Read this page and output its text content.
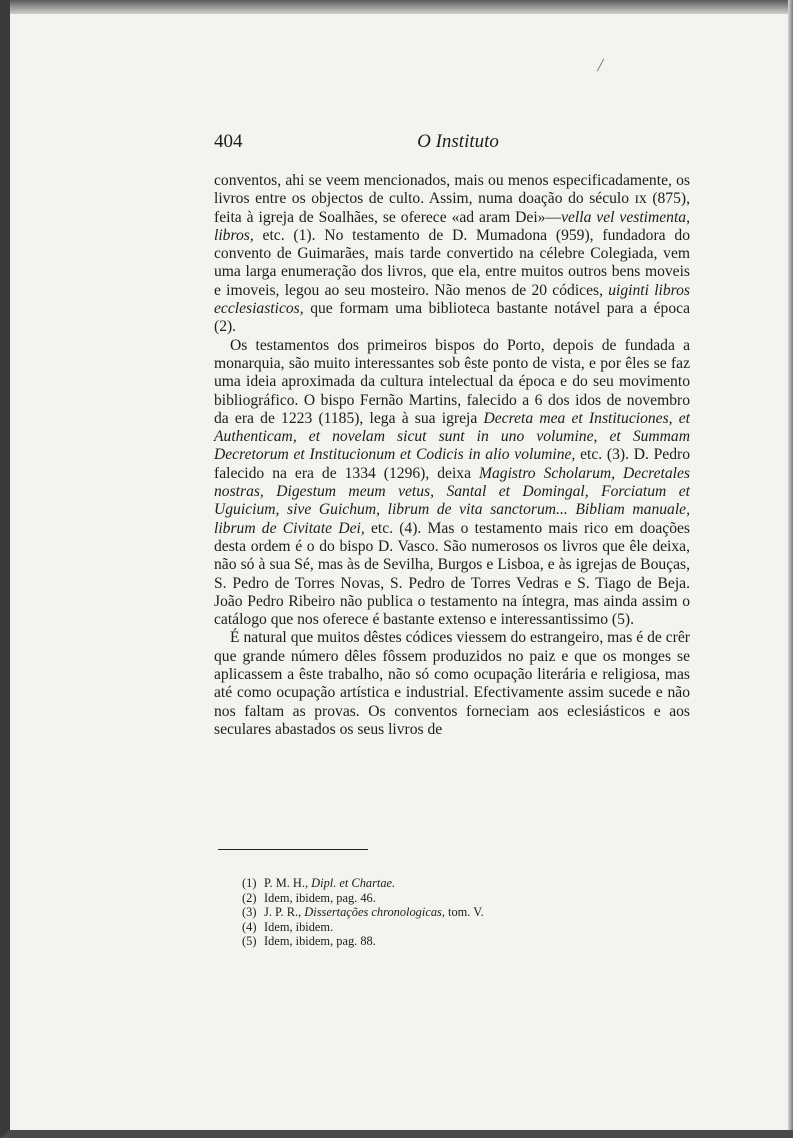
404	O Instituto

conventos, ahi se veem mencionados, mais ou menos especificadamente, os livros entre os objectos de culto. Assim, numa doação do século ɪx (875), feita à igreja de Soalhães, se oferece «ad aram Dei»—vella vel vestimenta, libros, etc. (1). No testamento de D. Mumadona (959), fundadora do convento de Guimarães, mais tarde convertido na célebre Colegiada, vem uma larga enumeração dos livros, que ela, entre muitos outros bens moveis e imoveis, legou ao seu mosteiro. Não menos de 20 códices, uiginti libros ecclesiasticos, que formam uma biblioteca bastante notável para a época (2).

Os testamentos dos primeiros bispos do Porto, depois de fundada a monarquia, são muito interessantes sob êste ponto de vista, e por êles se faz uma ideia aproximada da cultura intelectual da época e do seu movimento bibliográfico. O bispo Fernão Martins, falecido a 6 dos idos de novembro da era de 1223 (1185), lega à sua igreja Decreta mea et Instituciones, et Authenticam, et novelam sicut sunt in uno volumine, et Summam Decretorum et Institucionum et Codicis in alio volumine, etc. (3). D. Pedro falecido na era de 1334 (1296), deixa Magistro Scholarum, Decretales nostras, Digestum meum vetus, Santal et Domingal, Forciatum et Uguicium, sive Guichum, librum de vita sanctorum... Bibliam manuale, librum de Civitate Dei, etc. (4). Mas o testamento mais rico em doações desta ordem é o do bispo D. Vasco. São numerosos os livros que êle deixa, não só à sua Sé, mas às de Sevilha, Burgos e Lisboa, e às igrejas de Bouças, S. Pedro de Torres Novas, S. Pedro de Torres Vedras e S. Tiago de Beja. João Pedro Ribeiro não publica o testamento na íntegra, mas ainda assim o catálogo que nos oferece é bastante extenso e interessantissimo (5).

É natural que muitos dêstes códices viessem do estrangeiro, mas é de crêr que grande número dêles fôssem produzidos no paiz e que os monges se aplicassem a êste trabalho, não só como ocupação literária e religiosa, mas até como ocupação artística e industrial. Efectivamente assim sucede e não nos faltam as provas. Os conventos forneciam aos eclesiásticos e aos seculares abastados os seus livros de

(1) P. M. H., Dipl. et Chartae.

(2) Idem, ibidem, pag. 46.

(3) J. P. R., Dissertações chronologicas, tom. V.

(4) Idem, ibidem.

(5) Idem, ibidem, pag. 88.
